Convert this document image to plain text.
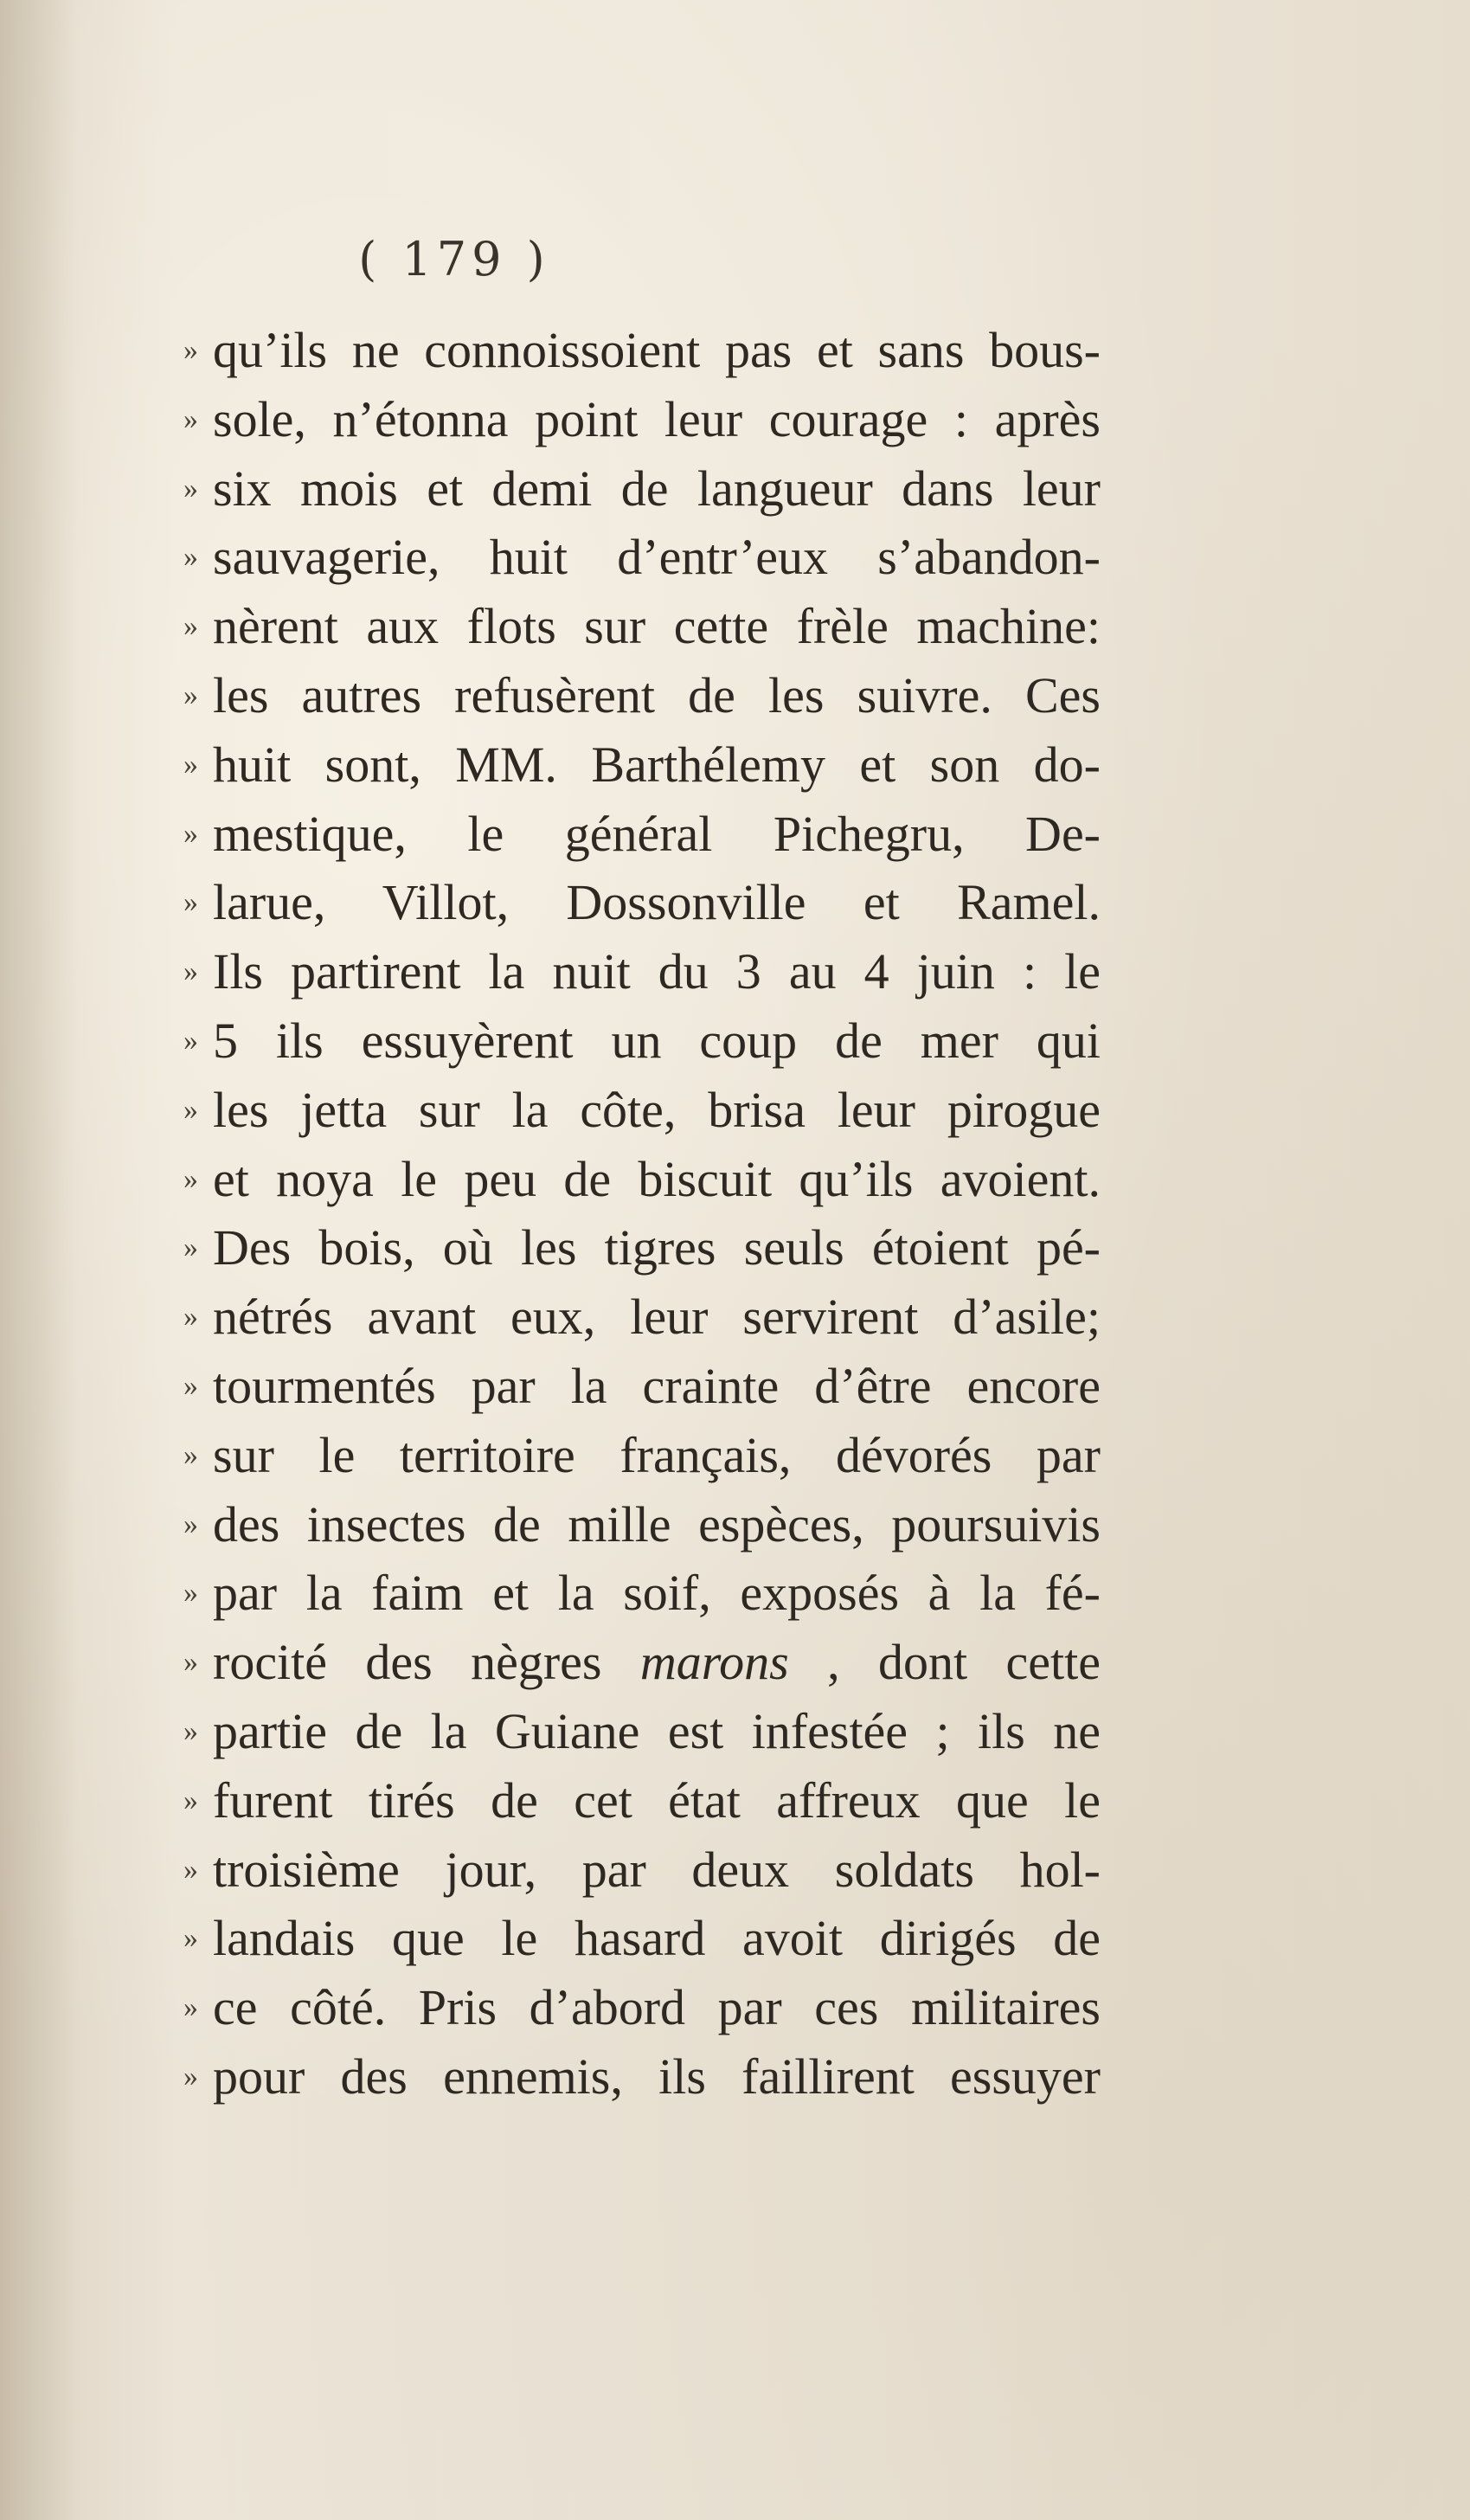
( 179 )
» qu’ils ne connoissoient pas et sans bous-
» sole, n’étonna point leur courage : après
» six mois et demi de langueur dans leur
» sauvagerie, huit d’entr’eux s’abandon-
» nèrent aux flots sur cette frèle machine:
» les autres refusèrent de les suivre. Ces
» huit sont, MM. Barthélemy et son do-
» mestique, le général Pichegru, De-
» larue, Villot, Dossonville et Ramel.
» Ils partirent la nuit du 3 au 4 juin : le
» 5 ils essuyèrent un coup de mer qui
» les jetta sur la côte, brisa leur pirogue
» et noya le peu de biscuit qu’ils avoient.
» Des bois, où les tigres seuls étoient pé-
» nétrés avant eux, leur servirent d’asile;
» tourmentés par la crainte d’être encore
» sur le territoire français, dévorés par
» des insectes de mille espèces, poursuivis
» par la faim et la soif, exposés à la fé-
» rocité des nègres marons , dont cette
» partie de la Guiane est infestée ; ils ne
» furent tirés de cet état affreux que le
» troisième jour, par deux soldats hol-
» landais que le hasard avoit dirigés de
» ce côté. Pris d’abord par ces militaires
» pour des ennemis, ils faillirent essuyer
